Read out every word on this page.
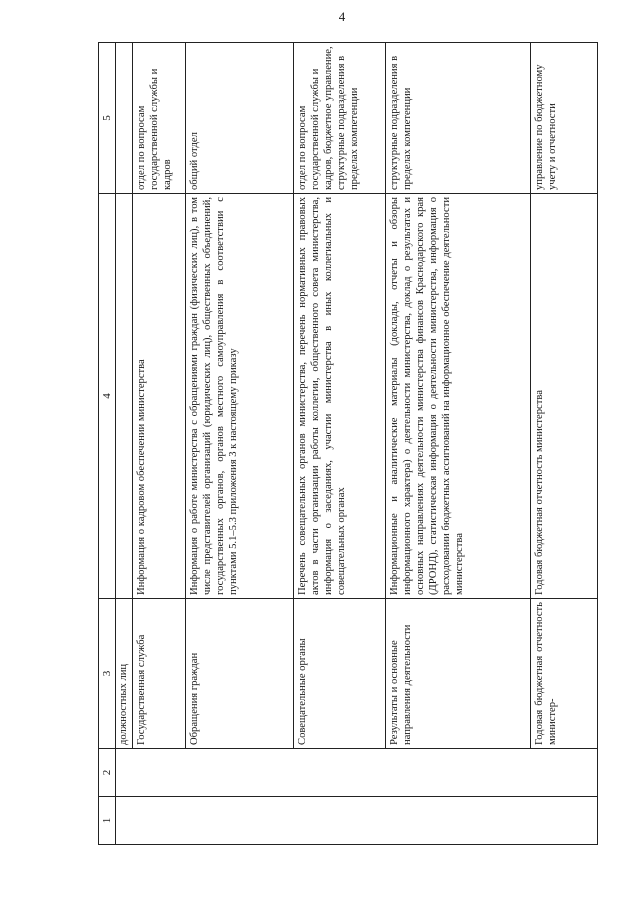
4
1	2	3	4	5
		должностных лиц		
		Государственная служба	Информация о кадровом обеспечении министерства	отдел по вопросам государственной службы и кадров
		Обращения граждан	Информация о работе министерства с обращениями граждан (физических лиц), в том числе представителей организаций (юридических лиц), общественных объединений, государственных органов, органов местного самоуправления в соответствии с пунктами 5.1–5.3 приложения 3 к настоящему приказу	общий отдел
		Совещательные органы	Перечень совещательных органов министерства, перечень нормативных правовых актов в части организации работы коллегии, общественного совета министерства, информация о заседаниях, участии министерства в иных коллегиальных и совещательных органах	отдел по вопросам государственной службы и кадров, бюджетное управление, структурные подразделения в пределах компетенции
		Результаты и основные направления деятельности	Информационные и аналитические материалы (доклады, отчеты и обзоры информационного характера) о деятельности министерства, доклад о результатах и основных направлениях деятельности министерства финансов Краснодарского края (ДРОНД), статистическая информация о деятельности министерства, информация о расходовании бюджетных ассигнований на информационное обеспечение деятельности министерства	структурные подразделения в пределах компетенции
		Годовая бюджетная отчетность министер-	Годовая бюджетная отчетность министерства	управление по бюджетному учету и отчетности
